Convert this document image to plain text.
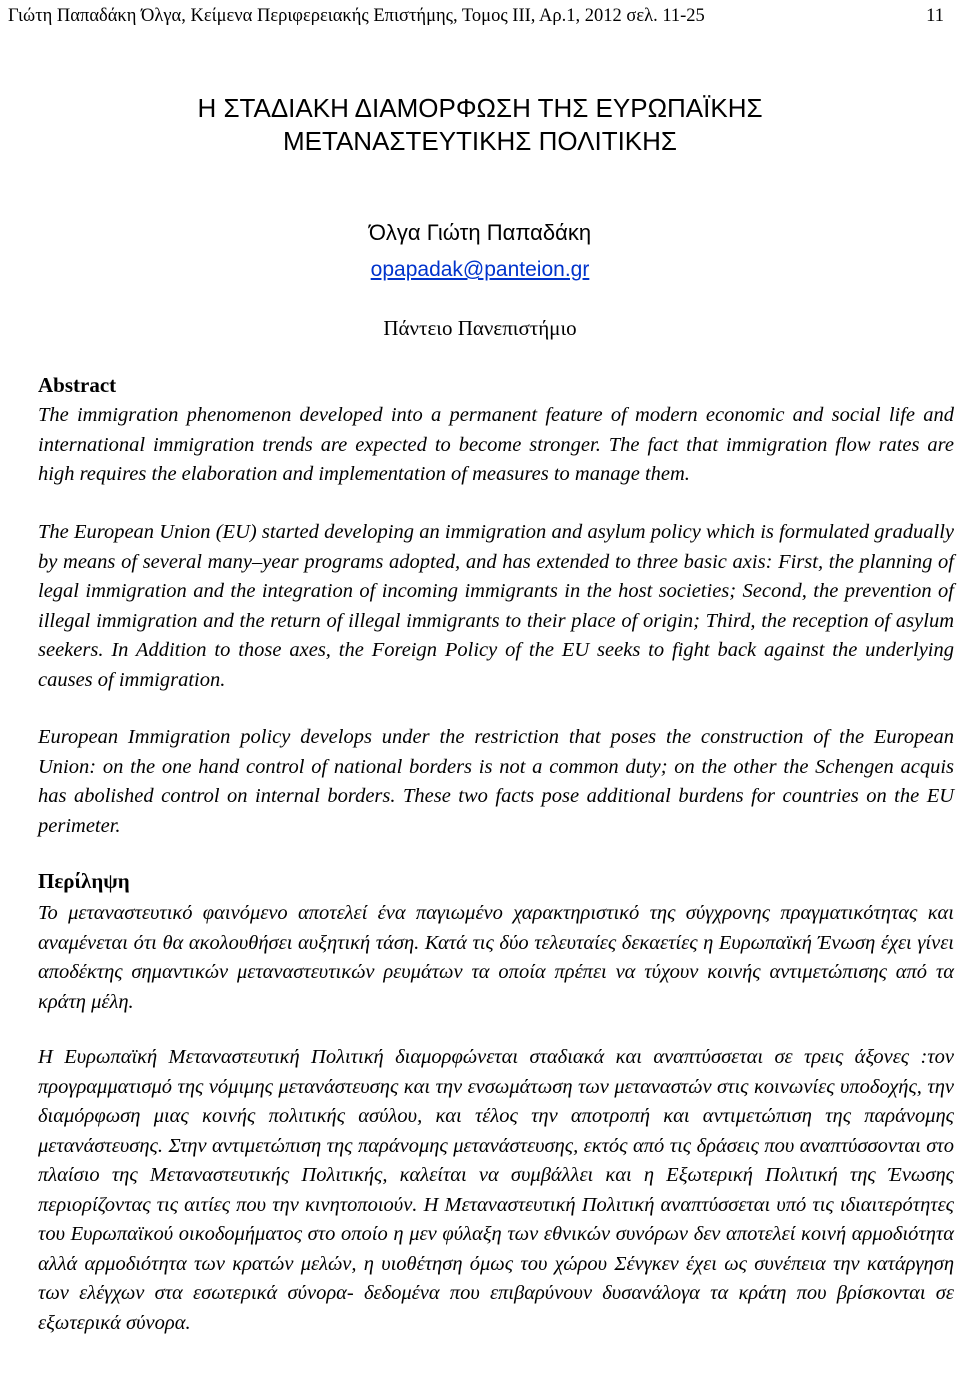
Γιώτη Παπαδάκη Όλγα, Κείμενα Περιφερειακής Επιστήμης, Τομος ΙΙΙ, Αρ.1, 2012 σελ. 11-25	11
Η ΣΤΑΔΙΑΚΗ ΔΙΑΜΟΡΦΩΣΗ ΤΗΣ ΕΥΡΩΠΑΪΚΗΣ
ΜΕΤΑΝΑΣΤΕΥΤΙΚΗΣ ΠΟΛΙΤΙΚΗΣ
Όλγα Γιώτη Παπαδάκη
opapadak@panteion.gr
Πάντειο Πανεπιστήμιο
Abstract

The immigration phenomenon developed into a permanent feature of modern economic and social life and international immigration trends are expected to become stronger. The fact that immigration flow rates are high requires the elaboration and implementation of measures to manage them.

The European Union (EU) started developing an immigration and asylum policy which is formulated gradually by means of several many–year programs adopted, and has extended to three basic axis: First, the planning of legal immigration and the integration of incoming immigrants in the host societies; Second, the prevention of illegal immigration and the return of illegal immigrants to their place of origin; Third, the reception of asylum seekers. In Addition to those axes, the Foreign Policy of the EU seeks to fight back against the underlying causes of immigration.

European Immigration policy develops under the restriction that poses the construction of the European Union: on the one hand control of national borders is not a common duty; on the other the Schengen acquis has abolished control on internal borders. These two facts pose additional burdens for countries on the EU perimeter.

Περίληψη

Το μεταναστευτικό φαινόμενο αποτελεί ένα παγιωμένο χαρακτηριστικό της σύγχρονης πραγματικότητας και αναμένεται ότι θα ακολουθήσει αυξητική τάση. Κατά τις δύο τελευταίες δεκαετίες η Ευρωπαϊκή Ένωση έχει γίνει αποδέκτης σημαντικών μεταναστευτικών ρευμάτων τα οποία πρέπει να τύχουν κοινής αντιμετώπισης από τα κράτη μέλη.

Η Ευρωπαϊκή Μεταναστευτική Πολιτική διαμορφώνεται σταδιακά και αναπτύσσεται σε τρεις άξονες :τον προγραμματισμό της νόμιμης μετανάστευσης και την ενσωμάτωση των μεταναστών στις κοινωνίες υποδοχής, την διαμόρφωση μιας κοινής πολιτικής ασύλου, και τέλος την αποτροπή και αντιμετώπιση της παράνομης μετανάστευσης. Στην αντιμετώπιση της παράνομης μετανάστευσης, εκτός από τις δράσεις που αναπτύσσονται στο πλαίσιο της Μεταναστευτικής Πολιτικής, καλείται να συμβάλλει και η Εξωτερική Πολιτική της Ένωσης περιορίζοντας τις αιτίες που την κινητοποιούν. Η Μεταναστευτική Πολιτική αναπτύσσεται υπό τις ιδιαιτερότητες του Ευρωπαϊκού οικοδομήματος στο οποίο η μεν φύλαξη των εθνικών συνόρων δεν αποτελεί κοινή αρμοδιότητα αλλά αρμοδιότητα των κρατών μελών, η υιοθέτηση όμως του χώρου Σένγκεν έχει ως συνέπεια την κατάργηση των ελέγχων στα εσωτερικά σύνορα- δεδομένα που επιβαρύνουν δυσανάλογα τα κράτη που βρίσκονται σε εξωτερικά σύνορα.
